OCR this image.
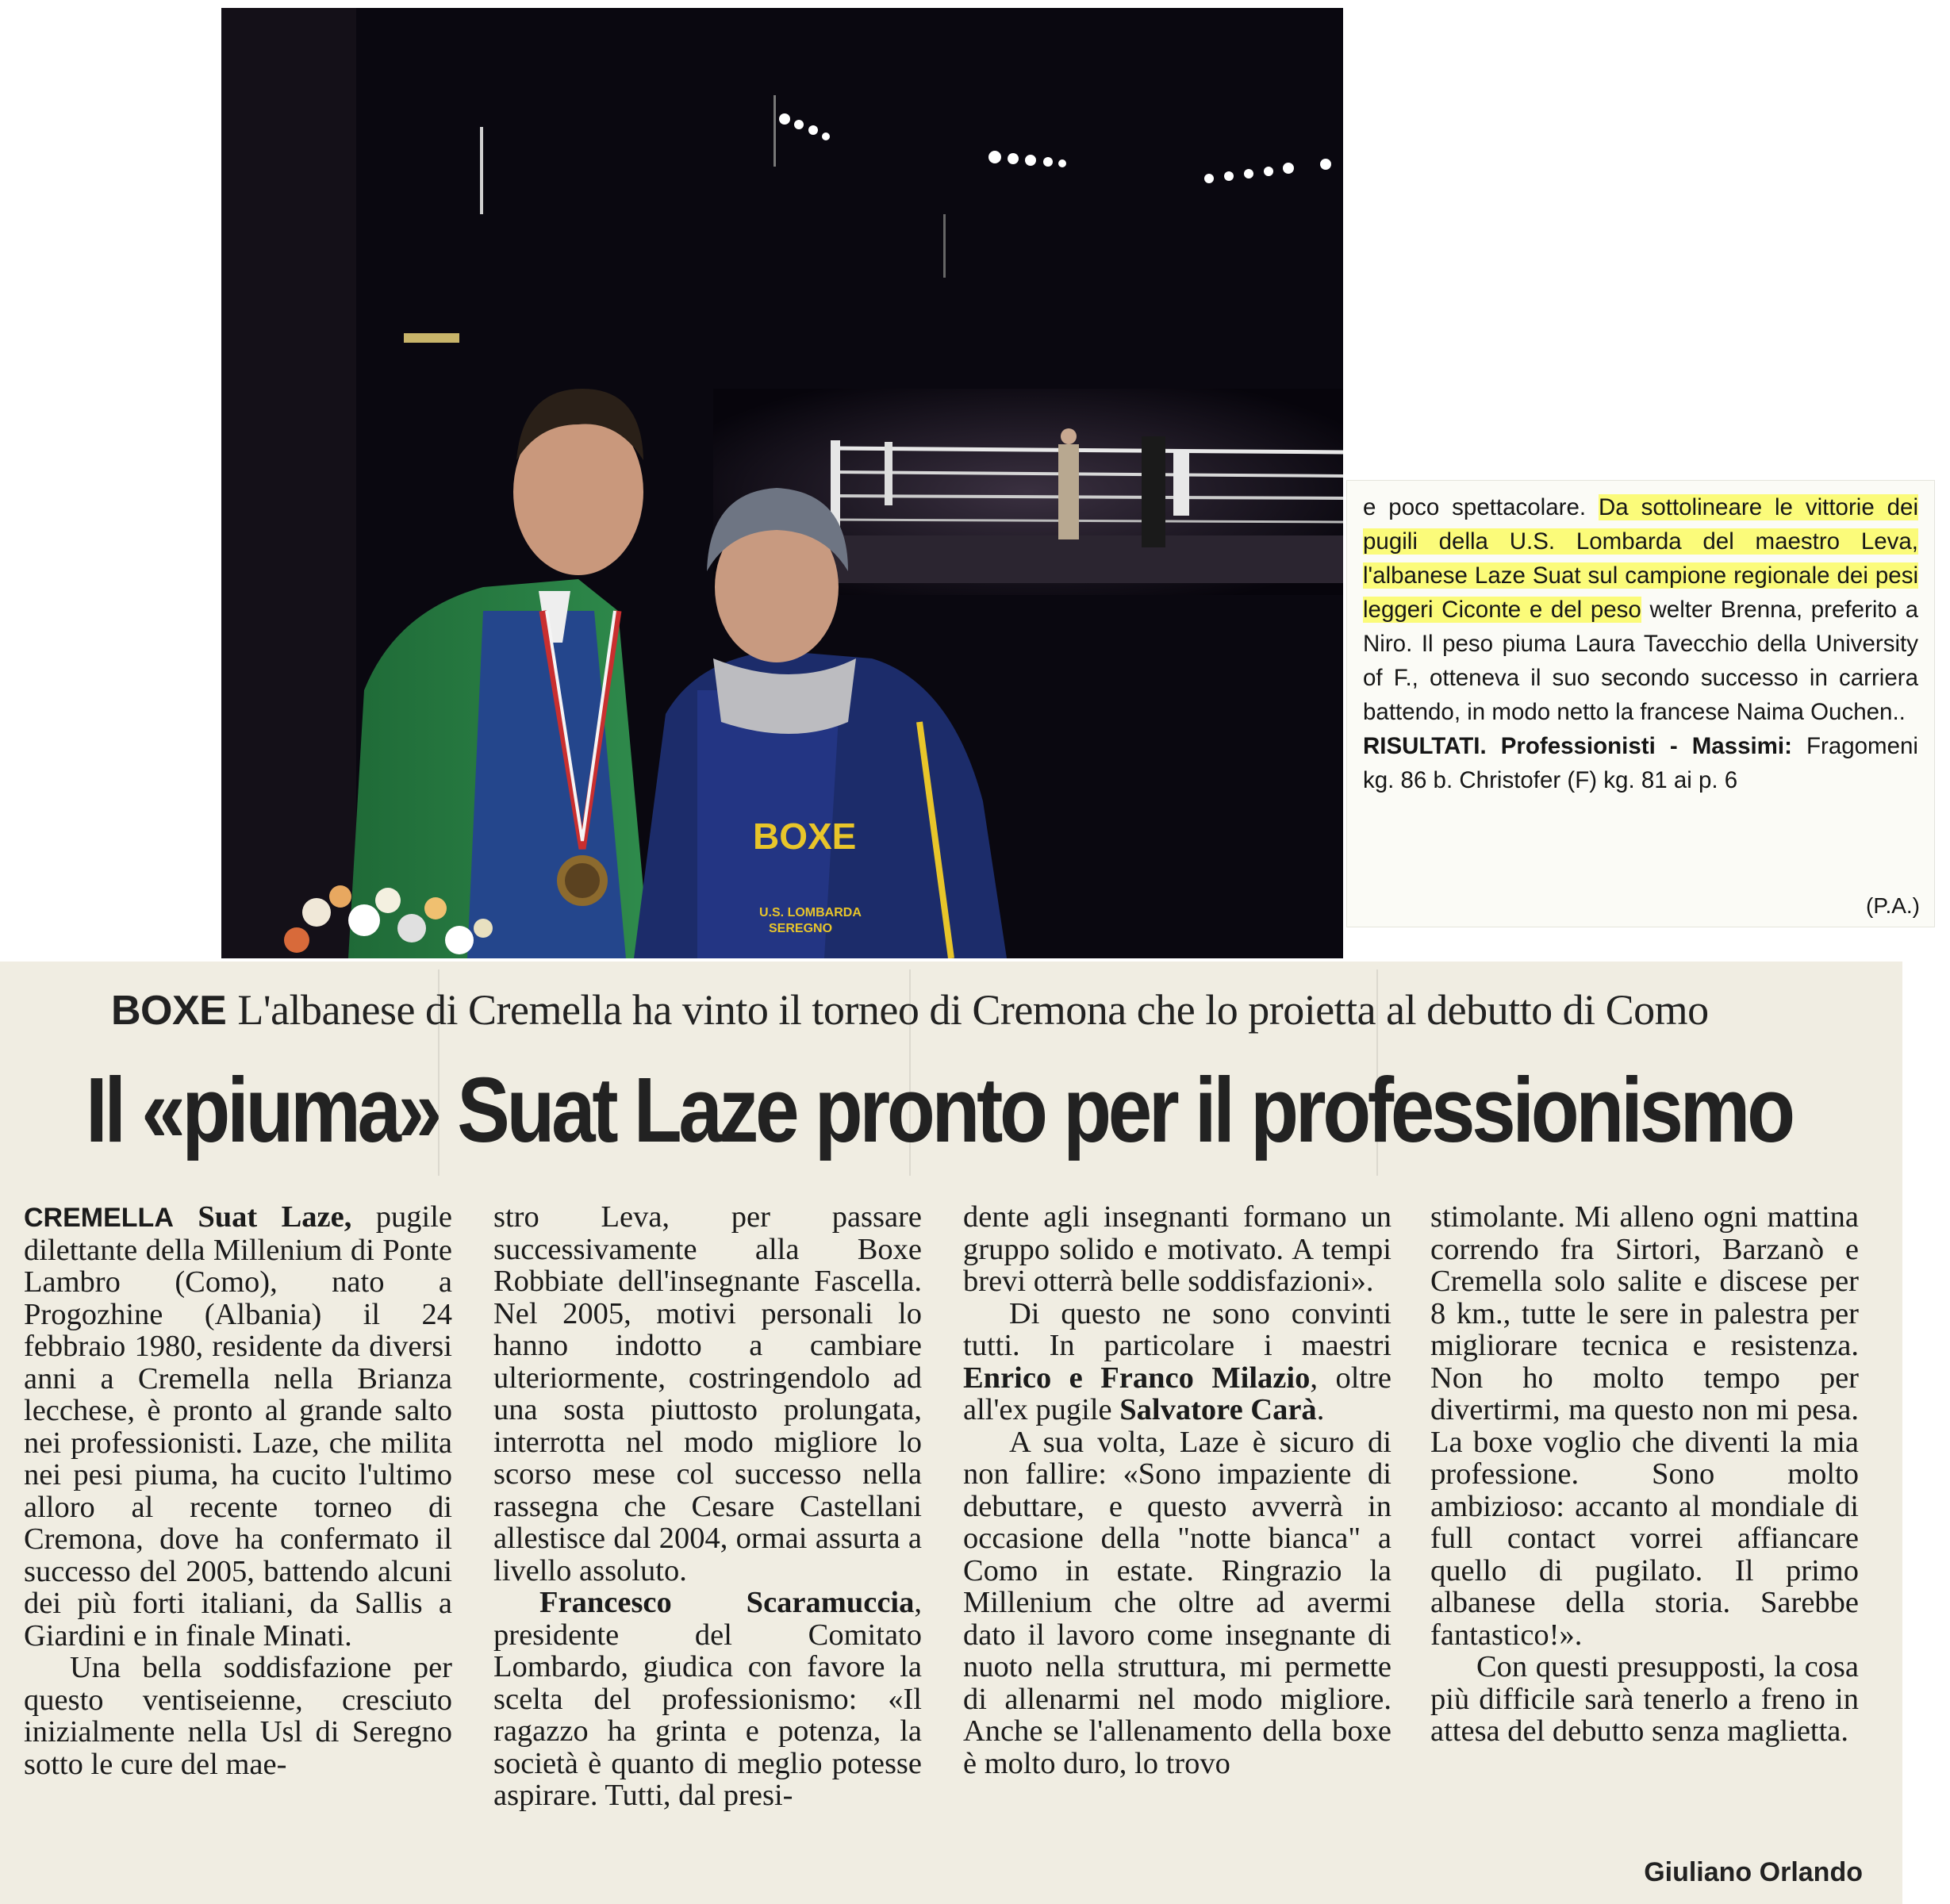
BOXE
U.S. LOMBARDA
SEREGNO

e poco spettacolare. Da sottolineare le vittorie dei pugili della U.S. Lombarda del maestro Leva, l'albanese Laze Suat sul campione regionale dei pesi leggeri Ciconte e del peso welter Brenna, preferito a Niro. Il peso piuma Laura Tavecchio della University of F., otteneva il suo secondo successo in carriera battendo, in modo netto la francese Naima Ouchen..
RISULTATI. Professionisti - Massimi: Fragomeni kg. 86 b. Christofer (F) kg. 81 ai p. 6

(P.A.)
BOXE L'albanese di Cremella ha vinto il torneo di Cremona che lo proietta al debutto di Como
Il «piuma» Suat Laze pronto per il professionismo

CREMELLA Suat Laze, pugile dilettante della Millenium di Ponte Lambro (Como), nato a Progozhine (Albania) il 24 febbraio 1980, residente da diversi anni a Cremella nella Brianza lecchese, è pronto al grande salto nei professionisti. Laze, che milita nei pesi piuma, ha cucito l'ultimo alloro al recente torneo di Cremona, dove ha confermato il successo del 2005, battendo alcuni dei più forti italiani, da Sallis a Giardini e in finale Minati.

Una bella soddisfazione per questo ventiseienne, cresciuto inizialmente nella Usl di Seregno sotto le cure del mae-

stro Leva, per passare successivamente alla Boxe Robbiate dell'insegnante Fascella. Nel 2005, motivi personali lo hanno indotto a cambiare ulteriormente, costringendolo ad una sosta piuttosto prolungata, interrotta nel modo migliore lo scorso mese col successo nella rassegna che Cesare Castellani allestisce dal 2004, ormai assurta a livello assoluto.

Francesco Scaramuccia, presidente del Comitato Lombardo, giudica con favore la scelta del professionismo: «Il ragazzo ha grinta e potenza, la società è quanto di meglio potesse aspirare. Tutti, dal presi-

dente agli insegnanti formano un gruppo solido e motivato. A tempi brevi otterrà belle soddisfazioni».

Di questo ne sono convinti tutti. In particolare i maestri Enrico e Franco Milazio, oltre all'ex pugile Salvatore Carà.

A sua volta, Laze è sicuro di non fallire: «Sono impaziente di debuttare, e questo avverrà in occasione della "notte bianca" a Como in estate. Ringrazio la Millenium che oltre ad avermi dato il lavoro come insegnante di nuoto nella struttura, mi permette di allenarmi nel modo migliore. Anche se l'allenamento della boxe è molto duro, lo trovo

stimolante. Mi alleno ogni mattina correndo fra Sirtori, Barzanò e Cremella solo salite e discese per 8 km., tutte le sere in palestra per migliorare tecnica e resistenza. Non ho molto tempo per divertirmi, ma questo non mi pesa. La boxe voglio che diventi la mia professione. Sono molto ambizioso: accanto al mondiale di full contact vorrei affiancare quello di pugilato. Il primo albanese della storia. Sarebbe fantastico!».

Con questi presupposti, la cosa più difficile sarà tenerlo a freno in attesa del debutto senza maglietta.

Giuliano Orlando
